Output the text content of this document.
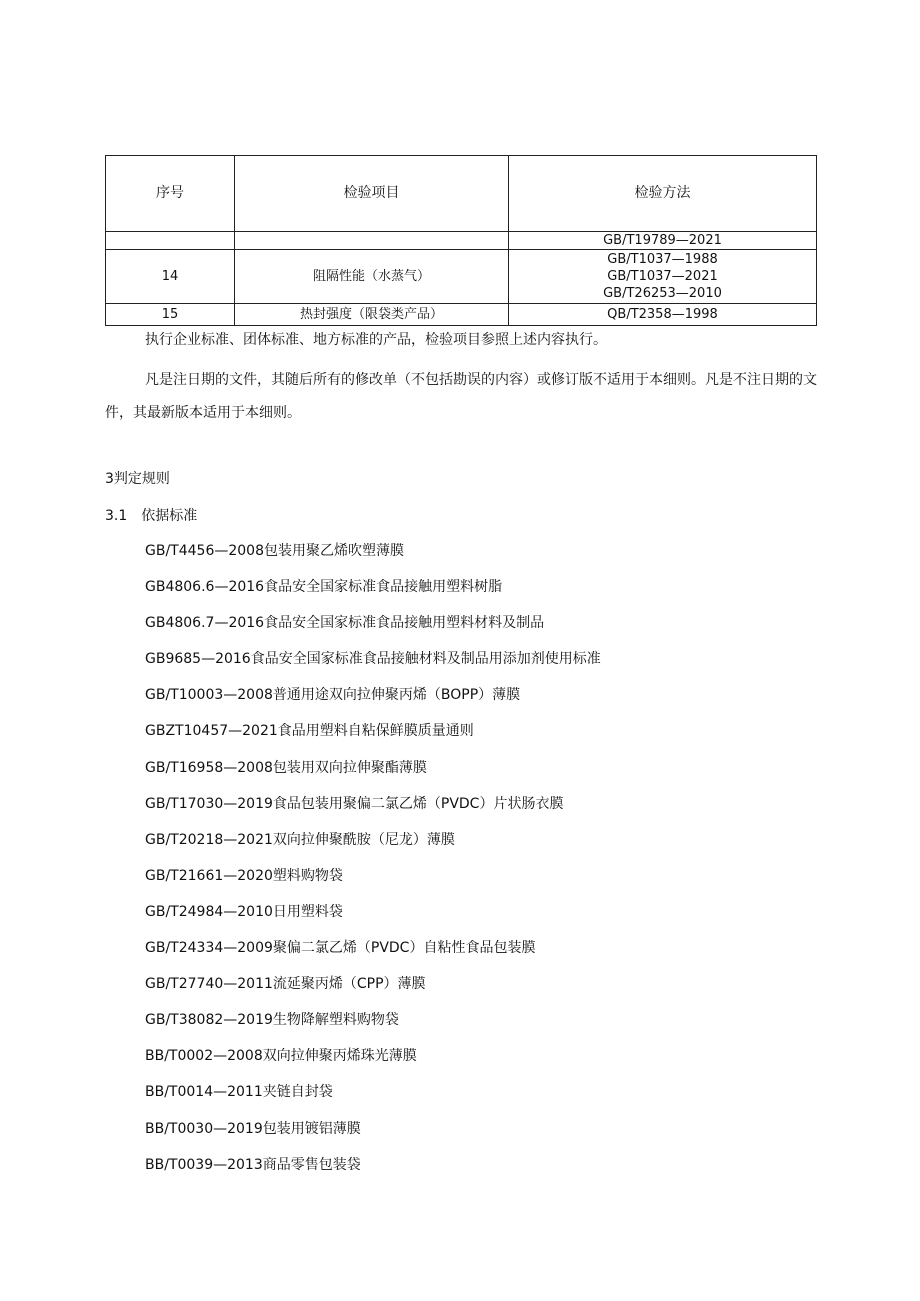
序号	检验项目	检验方法

		GB/T19789—2021

14	阻隔性能（水蒸气）	GB/T1037—1988
GB/T1037—2021
GB/T26253—2010

15	热封强度（限袋类产品）	QB/T2358—1998

执行企业标准、团体标准、地方标准的产品，检验项目参照上述内容执行。

凡是注日期的文件，其随后所有的修改单（不包括勘误的内容）或修订版不适用于本细则。凡是不注日期的文件，其最新版本适用于本细则。

3判定规则
3.1　依据标准
GB/T4456—2008包装用聚乙烯吹塑薄膜
GB4806.6—2016食品安全国家标准食品接触用塑料树脂
GB4806.7—2016食品安全国家标准食品接触用塑料材料及制品
GB9685—2016食品安全国家标准食品接触材料及制品用添加剂使用标准
GB/T10003—2008普通用途双向拉伸聚丙烯（BOPP）薄膜
GBZT10457—2021食品用塑料自粘保鲜膜质量通则
GB/T16958—2008包装用双向拉伸聚酯薄膜
GB/T17030—2019食品包装用聚偏二氯乙烯（PVDC）片状肠衣膜
GB/T20218—2021双向拉伸聚酰胺（尼龙）薄膜
GB/T21661—2020塑料购物袋
GB/T24984—2010日用塑料袋
GB/T24334—2009聚偏二氯乙烯（PVDC）自粘性食品包装膜
GB/T27740—2011流延聚丙烯（CPP）薄膜
GB/T38082—2019生物降解塑料购物袋
BB/T0002—2008双向拉伸聚丙烯珠光薄膜
BB/T0014—2011夹链自封袋
BB/T0030—2019包装用镀铝薄膜
BB/T0039—2013商品零售包装袋
